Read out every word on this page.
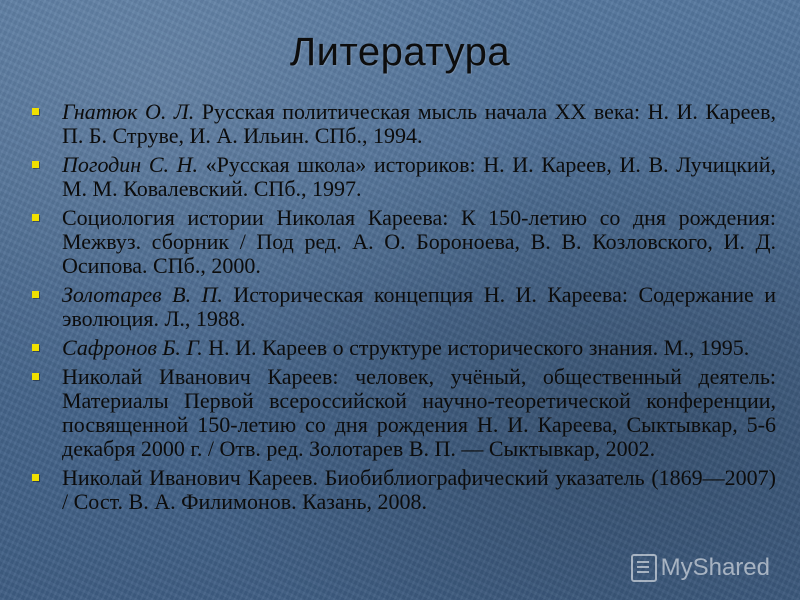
Литература
Гнатюк О. Л. Русская политическая мысль начала XX века: Н. И. Кареев, П. Б. Струве, И. А. Ильин. СПб., 1994.
Погодин С. Н. «Русская школа» историков: Н. И. Кареев, И. В. Лучицкий, М. М. Ковалевский. СПб., 1997.
Социология истории Николая Кареева: К 150-летию со дня рождения: Межвуз. сборник / Под ред. А. О. Бороноева, В. В. Козловского, И. Д. Осипова. СПб., 2000.
Золотарев В. П. Историческая концепция Н. И. Кареева: Содержание и эволюция. Л., 1988.
Сафронов Б. Г. Н. И. Кареев о структуре исторического знания. М., 1995.
Николай Иванович Кареев: человек, учёный, общественный деятель: Материалы Первой всероссийской научно-теоретической конференции, посвященной 150-летию со дня рождения Н. И. Кареева, Сыктывкар, 5-6 декабря 2000 г. / Отв. ред. Золотарев В. П. — Сыктывкар, 2002.
Николай Иванович Кареев. Биобиблиографический указатель (1869—2007) / Сост. В. А. Филимонов. Казань, 2008.
MyShared
